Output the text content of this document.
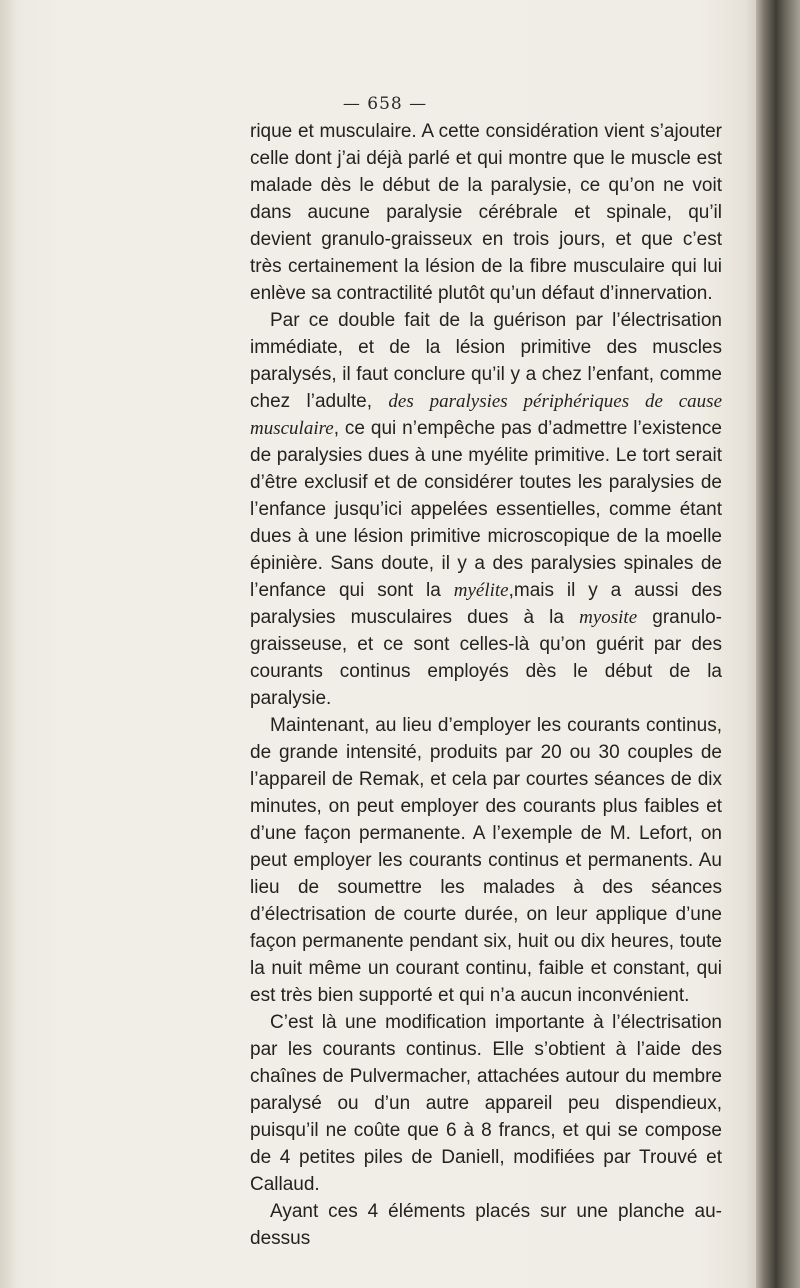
— 658 —

rique et musculaire. A cette considération vient s’ajouter celle dont j’ai déjà parlé et qui montre que le muscle est malade dès le début de la paralysie, ce qu’on ne voit dans aucune paralysie cérébrale et spinale, qu’il devient granulo-graisseux en trois jours, et que c’est très certainement la lésion de la fibre musculaire qui lui enlève sa contractilité plutôt qu’un défaut d’innervation.

Par ce double fait de la guérison par l’électrisation immédiate, et de la lésion primitive des muscles paralysés, il faut conclure qu’il y a chez l’enfant, comme chez l’adulte, des paralysies périphériques de cause musculaire, ce qui n’empêche pas d’admettre l’existence de paralysies dues à une myélite primitive. Le tort serait d’être exclusif et de considérer toutes les paralysies de l’enfance jusqu’ici appelées essentielles, comme étant dues à une lésion primitive microscopique de la moelle épinière. Sans doute, il y a des paralysies spinales de l’enfance qui sont la myélite,mais il y a aussi des paralysies musculaires dues à la myosite granulo-graisseuse, et ce sont celles-là qu’on guérit par des courants continus employés dès le début de la paralysie.

Maintenant, au lieu d’employer les courants continus, de grande intensité, produits par 20 ou 30 couples de l’appareil de Remak, et cela par courtes séances de dix minutes, on peut employer des courants plus faibles et d’une façon permanente. A l’exemple de M. Lefort, on peut employer les courants continus et permanents. Au lieu de soumettre les malades à des séances d’électrisation de courte durée, on leur applique d’une façon permanente pendant six, huit ou dix heures, toute la nuit même un courant continu, faible et constant, qui est très bien supporté et qui n’a aucun inconvénient.

C’est là une modification importante à l’électrisation par les courants continus. Elle s’obtient à l’aide des chaînes de Pulvermacher, attachées autour du membre paralysé ou d’un autre appareil peu dispendieux, puisqu’il ne coûte que 6 à 8 francs, et qui se compose de 4 petites piles de Daniell, modifiées par Trouvé et Callaud.

Ayant ces 4 éléments placés sur une planche au-dessus
